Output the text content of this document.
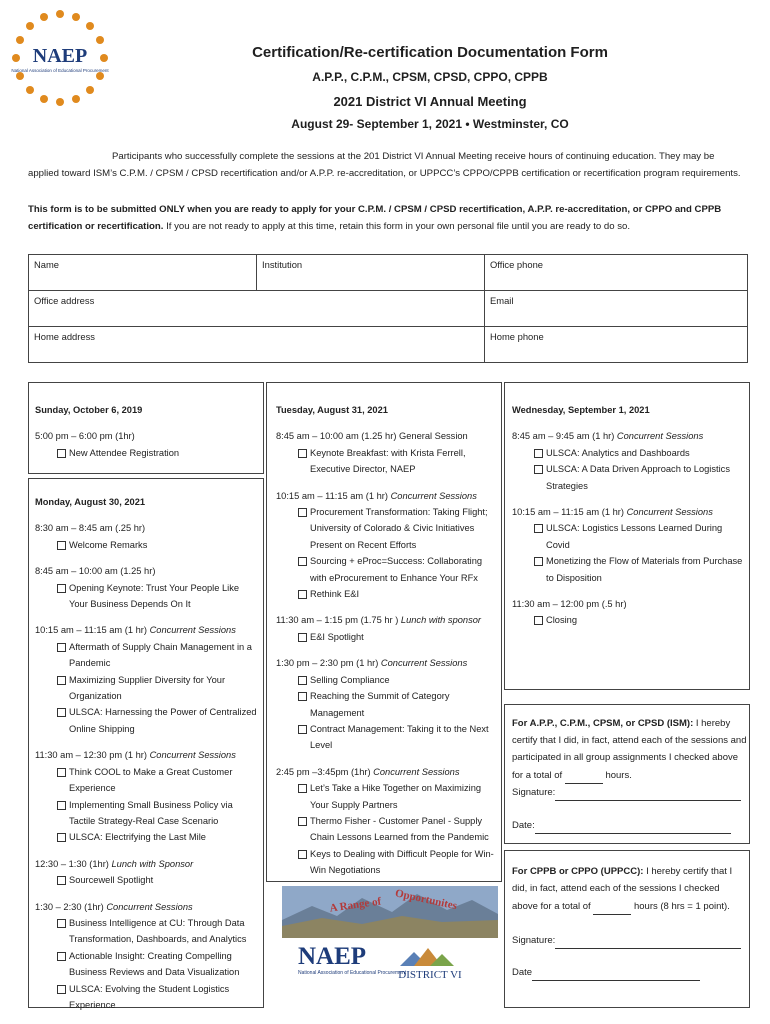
NAEP
National Association of Educational Procurement
Certification/Re-certification Documentation Form
A.P.P., C.P.M., CPSM, CPSD, CPPO, CPPB
2021 District VI Annual Meeting
August 29- September 1, 2021 • Westminster, CO
Participants who successfully complete the sessions at the 201 District VI Annual Meeting receive hours of continuing education. They may be applied toward ISM’s C.P.M. / CPSM / CPSD recertification and/or A.P.P. re-accreditation, or UPPCC’s CPPO/CPPB certification or recertification program requirements.
This form is to be submitted ONLY when you are ready to apply for your C.P.M. / CPSM / CPSD recertification, A.P.P. re-accreditation, or CPPO and CPPB certification or recertification. If you are not ready to apply at this time, retain this form in your own personal file until you are ready to do so.
Name	Institution	Office phone
Office address		Email
Home address		Home phone
Sunday, October 6, 2019
5:00 pm – 6:00 pm (1hr)
New Attendee Registration
Monday, August 30, 2021
8:30 am – 8:45 am (.25 hr)
Welcome Remarks
8:45 am – 10:00 am (1.25 hr)
Opening Keynote: Trust Your People Like Your Business Depends On It
10:15 am – 11:15 am (1 hr) Concurrent Sessions
Aftermath of Supply Chain Management in a Pandemic
Maximizing Supplier Diversity for Your Organization
ULSCA: Harnessing the Power of Centralized Online Shipping
11:30 am – 12:30 pm (1 hr) Concurrent Sessions
Think COOL to Make a Great Customer Experience
Implementing Small Business Policy via Tactile Strategy-Real Case Scenario
ULSCA: Electrifying the Last Mile
12:30 – 1:30 (1hr) Lunch with Sponsor
Sourcewell Spotlight
1:30 – 2:30 (1hr) Concurrent Sessions
Business Intelligence at CU: Through Data Transformation, Dashboards, and Analytics
Actionable Insight: Creating Compelling Business Reviews and Data Visualization
ULSCA: Evolving the Student Logistics Experience
Tuesday, August 31, 2021
8:45 am – 10:00 am (1.25 hr) General Session
Keynote Breakfast: with Krista Ferrell, Executive Director, NAEP
10:15 am – 11:15 am (1 hr) Concurrent Sessions
Procurement Transformation: Taking Flight; University of Colorado & Civic Initiatives Present on Recent Efforts
Sourcing + eProc=Success: Collaborating with eProcurement to Enhance Your RFx
Rethink E&I
11:30 am – 1:15 pm (1.75 hr ) Lunch with sponsor
E&I Spotlight
1:30 pm – 2:30 pm (1 hr) Concurrent Sessions
Selling Compliance
Reaching the Summit of Category Management
Contract Management: Taking it to the Next Level
2:45 pm –3:45pm (1hr) Concurrent Sessions
Let’s Take a Hike Together on Maximizing Your Supply Partners
Thermo Fisher - Customer Panel - Supply Chain Lessons Learned from the Pandemic
Keys to Dealing with Difficult People for Win-Win Negotiations
Wednesday, September 1, 2021
8:45 am – 9:45 am (1 hr) Concurrent Sessions
ULSCA: Analytics and Dashboards
ULSCA: A Data Driven Approach to Logistics Strategies
10:15 am – 11:15 am (1 hr) Concurrent Sessions
ULSCA: Logistics Lessons Learned During Covid
Monetizing the Flow of Materials from Purchase to Disposition
11:30 am – 12:00 pm (.5 hr)
Closing
For A.P.P., C.P.M., CPSM, or CPSD (ISM): I hereby certify that I did, in fact, attend each of the sessions and participated in all group assignments I checked above for a total of	hours.
Signature:
Date:
For CPPB or CPPO (UPPCC): I hereby certify that I did, in fact, attend each of the sessions I checked above for a total of	hours (8 hrs = 1 point).
Signature:
Date
A Range of Opportunites
NAEP
National Association of Educational Procurement
DISTRICT VI
